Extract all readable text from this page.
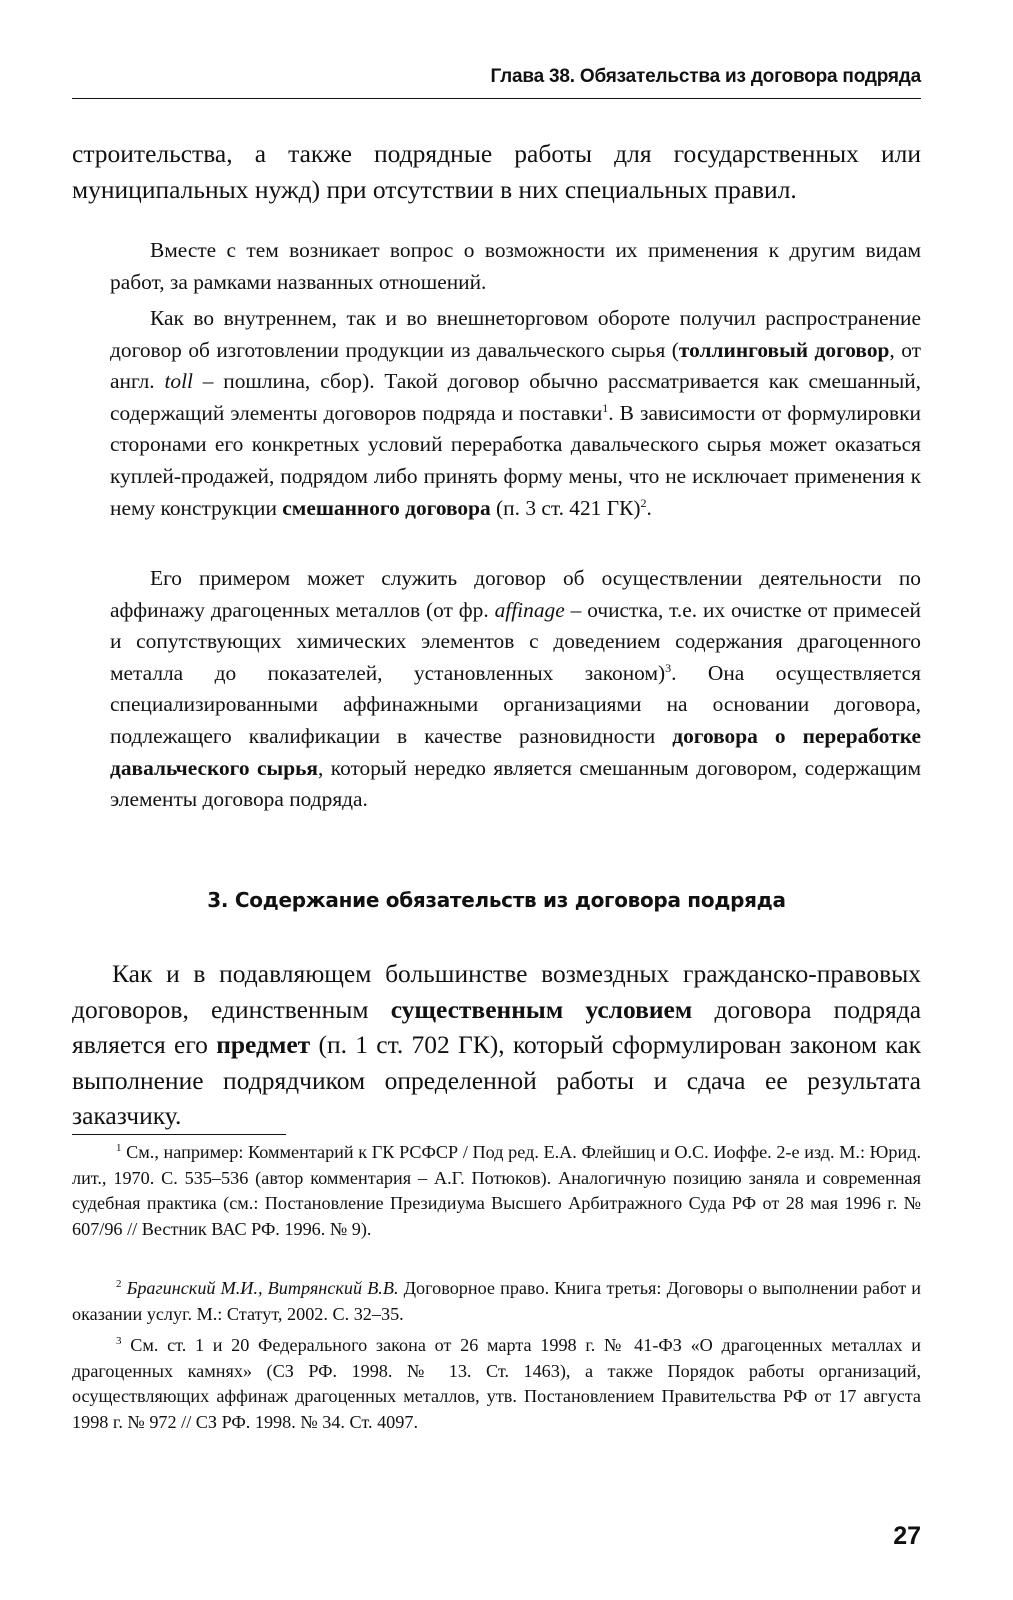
Глава 38. Обязательства из договора подряда

строительства, а также подрядные работы для государственных или муниципальных нужд) при отсутствии в них специальных правил.

Вместе с тем возникает вопрос о возможности их применения к другим видам работ, за рамками названных отношений.

Как во внутреннем, так и во внешнеторговом обороте получил распространение договор об изготовлении продукции из давальческого сырья (толлинговый договор, от англ. toll – пошлина, сбор). Такой договор обычно рассматривается как смешанный, содержащий элементы договоров подряда и поставки$^1$. В зависимости от формулировки сторонами его конкретных условий переработка давальческого сырья может оказаться куплей-продажей, подрядом либо принять форму мены, что не исключает применения к нему конструкции смешанного договора (п. 3 ст. 421 ГК)$^2$.

Его примером может служить договор об осуществлении деятельности по аффинажу драгоценных металлов (от фр. affinage – очистка, т.е. их очистке от примесей и сопутствующих химических элементов с доведением содержания драгоценного металла до показателей, установленных законом)$^3$. Она осуществляется специализированными аффинажными организациями на основании договора, подлежащего квалификации в качестве разновидности договора о переработке давальческого сырья, который нередко является смешанным договором, содержащим элементы договора подряда.

3. Содержание обязательств из договора подряда

Как и в подавляющем большинстве возмездных гражданско-правовых договоров, единственным существенным условием договора подряда является его предмет (п. 1 ст. 702 ГК), который сформулирован законом как выполнение подрядчиком определенной работы и сдача ее результата заказчику.

$^1$ См., например: Комментарий к ГК РСФСР / Под ред. Е.А. Флейшиц и О.С. Иоффе. 2-е изд. М.: Юрид. лит., 1970. С. 535–536 (автор комментария – А.Г. Потюков). Аналогичную позицию заняла и современная судебная практика (см.: Постановление Президиума Высшего Арбитражного Суда РФ от 28 мая 1996 г. № 607/96 // Вестник ВАС РФ. 1996. № 9).

$^2$ Брагинский М.И., Витрянский В.В. Договорное право. Книга третья: Договоры о выполнении работ и оказании услуг. М.: Статут, 2002. С. 32–35.

$^3$ См. ст. 1 и 20 Федерального закона от 26 марта 1998 г. № 41-ФЗ «О драгоценных металлах и драгоценных камнях» (СЗ РФ. 1998. № 13. Ст. 1463), а также Порядок работы организаций, осуществляющих аффинаж драгоценных металлов, утв. Постановлением Правительства РФ от 17 августа 1998 г. № 972 // СЗ РФ. 1998. № 34. Ст. 4097.

27
